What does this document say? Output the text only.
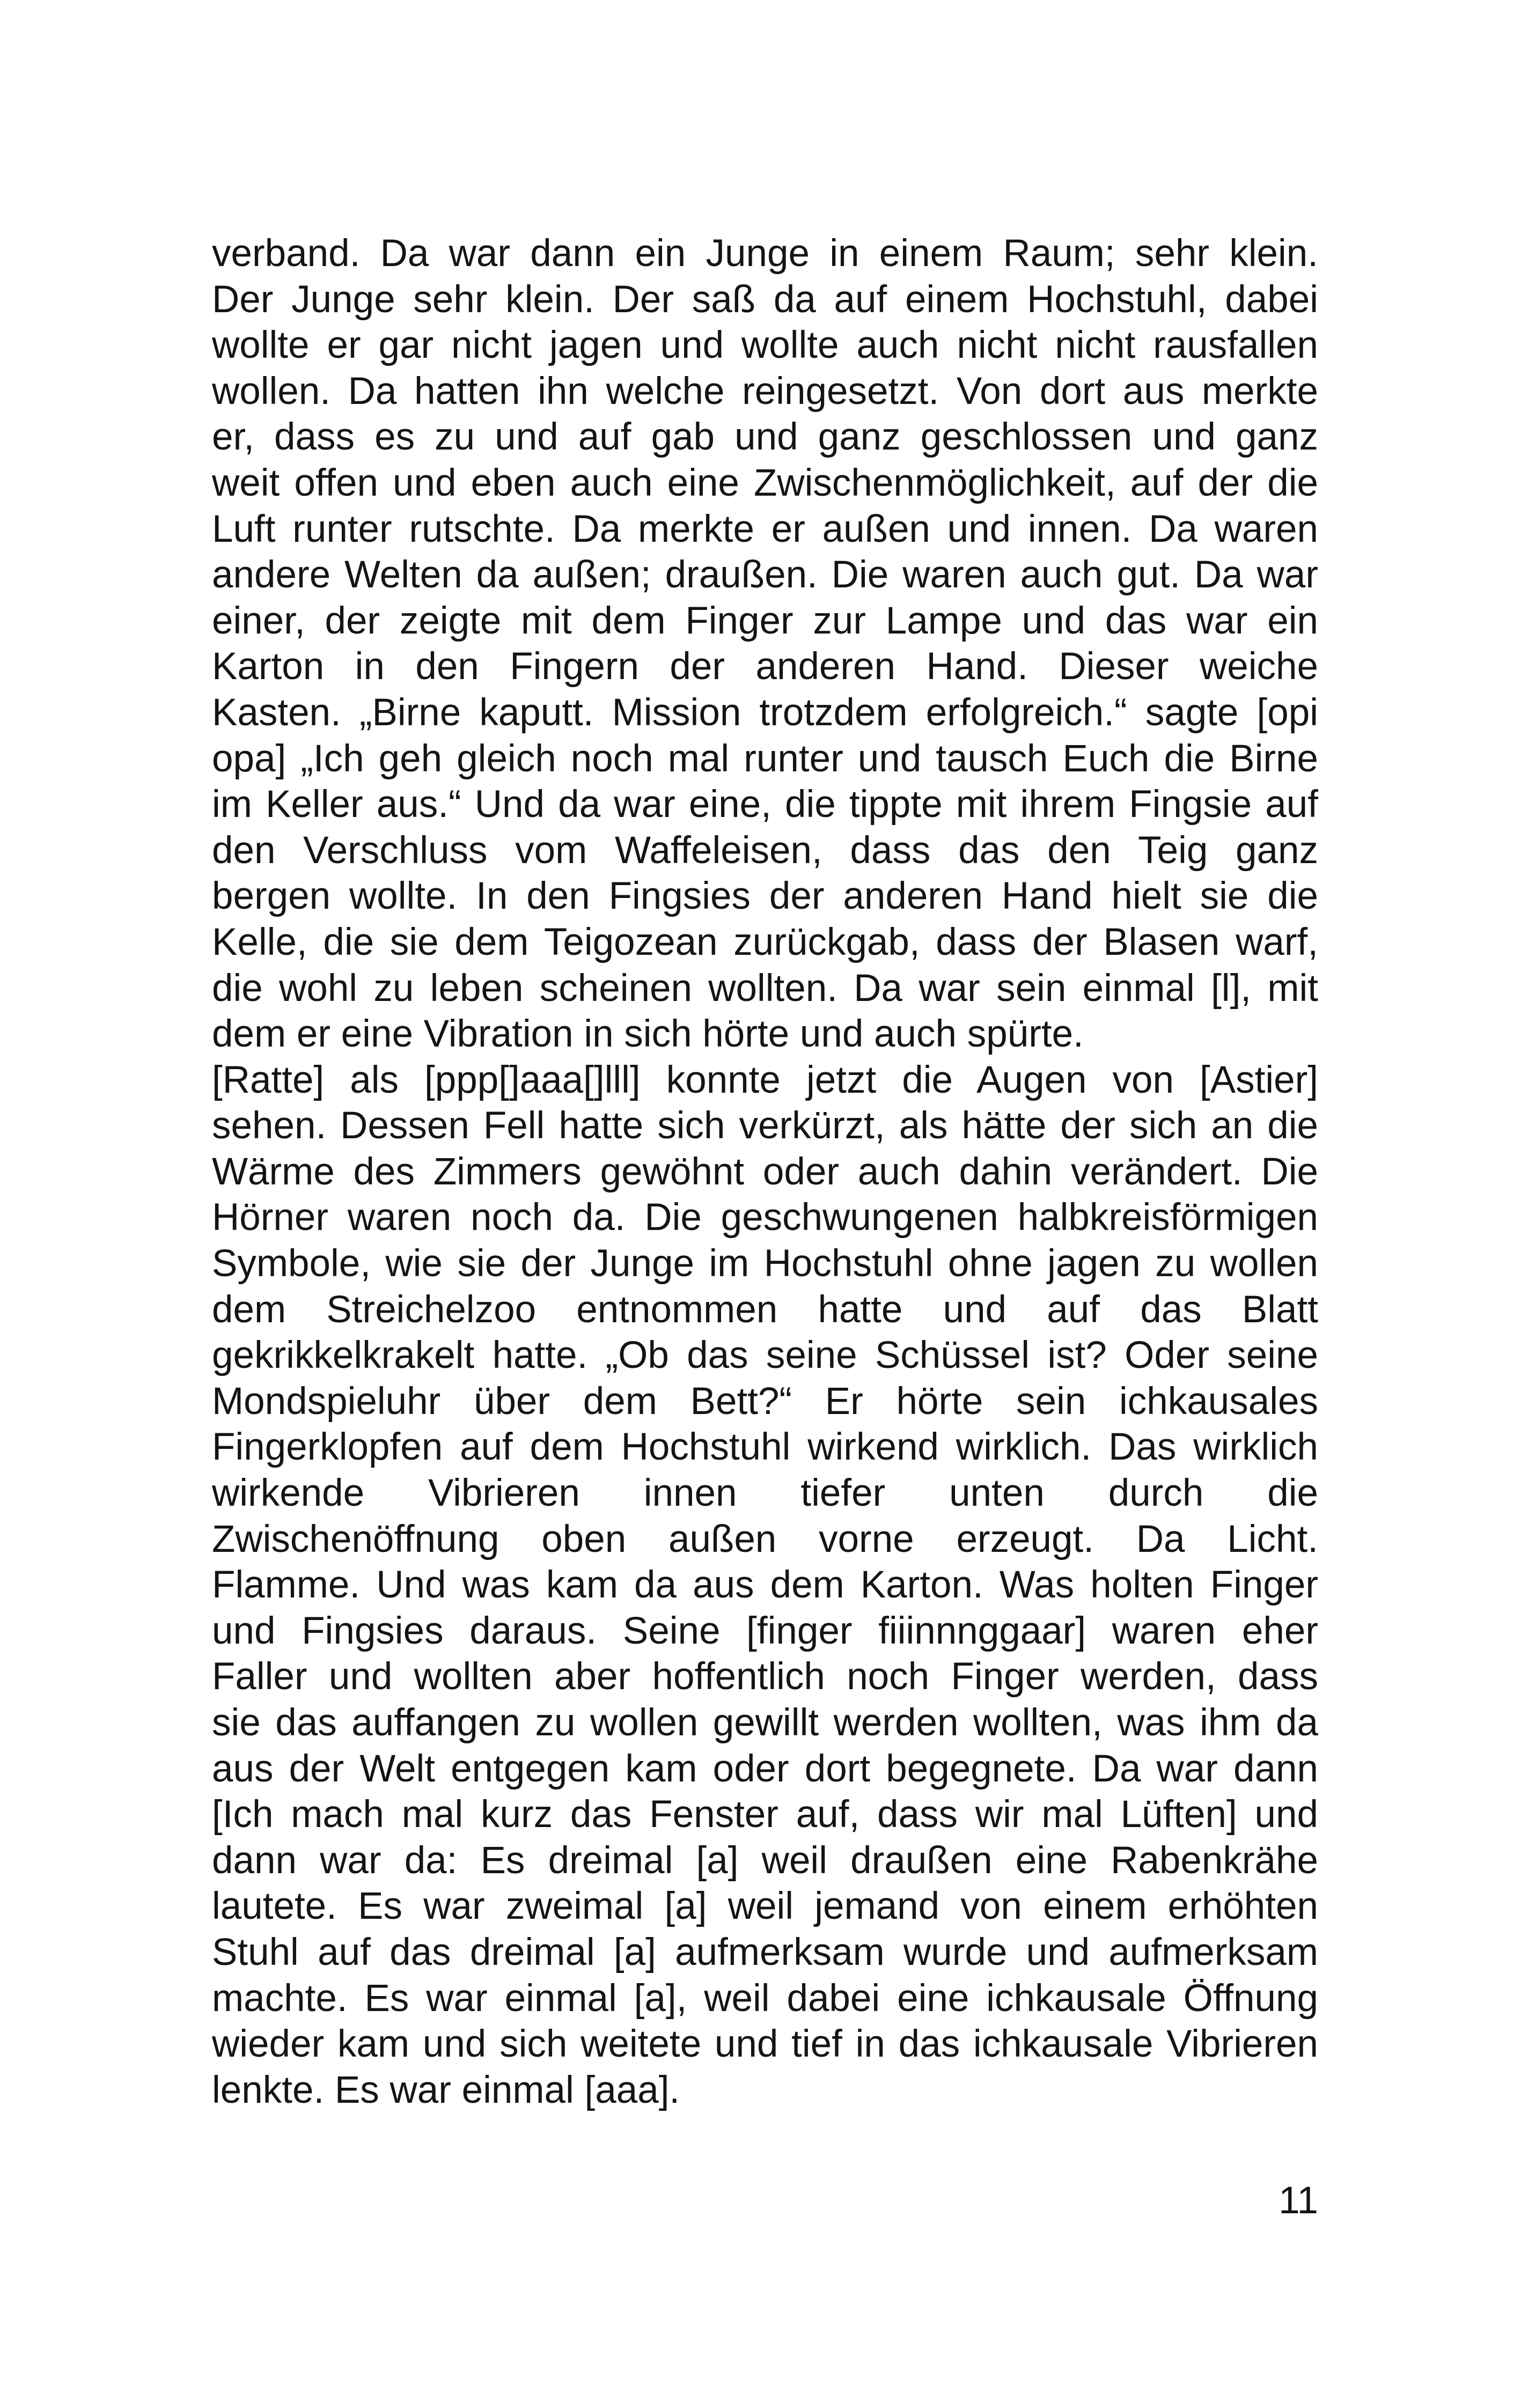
verband. Da war dann ein Junge in einem Raum; sehr klein.
Der Junge sehr klein. Der saß da auf einem Hochstuhl, dabei
wollte er gar nicht jagen und wollte auch nicht nicht rausfallen
wollen. Da hatten ihn welche reingesetzt. Von dort aus merkte
er, dass es zu und auf gab und ganz geschlossen und ganz
weit offen und eben auch eine Zwischenmöglichkeit, auf der die
Luft runter rutschte. Da merkte er außen und innen. Da waren
andere Welten da außen; draußen. Die waren auch gut. Da war
einer, der zeigte mit dem Finger zur Lampe und das war ein
Karton in den Fingern der anderen Hand. Dieser weiche
Kasten. „Birne kaputt. Mission trotzdem erfolgreich.“ sagte [opi
opa] „Ich geh gleich noch mal runter und tausch Euch die Birne
im Keller aus.“ Und da war eine, die tippte mit ihrem Fingsie auf
den Verschluss vom Waffeleisen, dass das den Teig ganz
bergen wollte. In den Fingsies der anderen Hand hielt sie die
Kelle, die sie dem Teigozean zurückgab, dass der Blasen warf,
die wohl zu leben scheinen wollten. Da war sein einmal [l], mit
dem er eine Vibration in sich hörte und auch spürte.
[Ratte] als [ppp[]aaa[]lll] konnte jetzt die Augen von [Astier]
sehen. Dessen Fell hatte sich verkürzt, als hätte der sich an die
Wärme des Zimmers gewöhnt oder auch dahin verändert. Die
Hörner waren noch da. Die geschwungenen halbkreisförmigen
Symbole, wie sie der Junge im Hochstuhl ohne jagen zu wollen
dem Streichelzoo entnommen hatte und auf das Blatt
gekrikkelkrakelt hatte. „Ob das seine Schüssel ist? Oder seine
Mondspieluhr über dem Bett?“ Er hörte sein ichkausales
Fingerklopfen auf dem Hochstuhl wirkend wirklich. Das wirklich
wirkende Vibrieren innen tiefer unten durch die
Zwischenöffnung oben außen vorne erzeugt. Da Licht.
Flamme. Und was kam da aus dem Karton. Was holten Finger
und Fingsies daraus. Seine [finger fiiinnnggaar] waren eher
Faller und wollten aber hoffentlich noch Finger werden, dass
sie das auffangen zu wollen gewillt werden wollten, was ihm da
aus der Welt entgegen kam oder dort begegnete. Da war dann
[Ich mach mal kurz das Fenster auf, dass wir mal Lüften] und
dann war da: Es dreimal [a] weil draußen eine Rabenkrähe
lautete. Es war zweimal [a] weil jemand von einem erhöhten
Stuhl auf das dreimal [a] aufmerksam wurde und aufmerksam
machte. Es war einmal [a], weil dabei eine ichkausale Öffnung
wieder kam und sich weitete und tief in das ichkausale Vibrieren
lenkte. Es war einmal [aaa].
11
